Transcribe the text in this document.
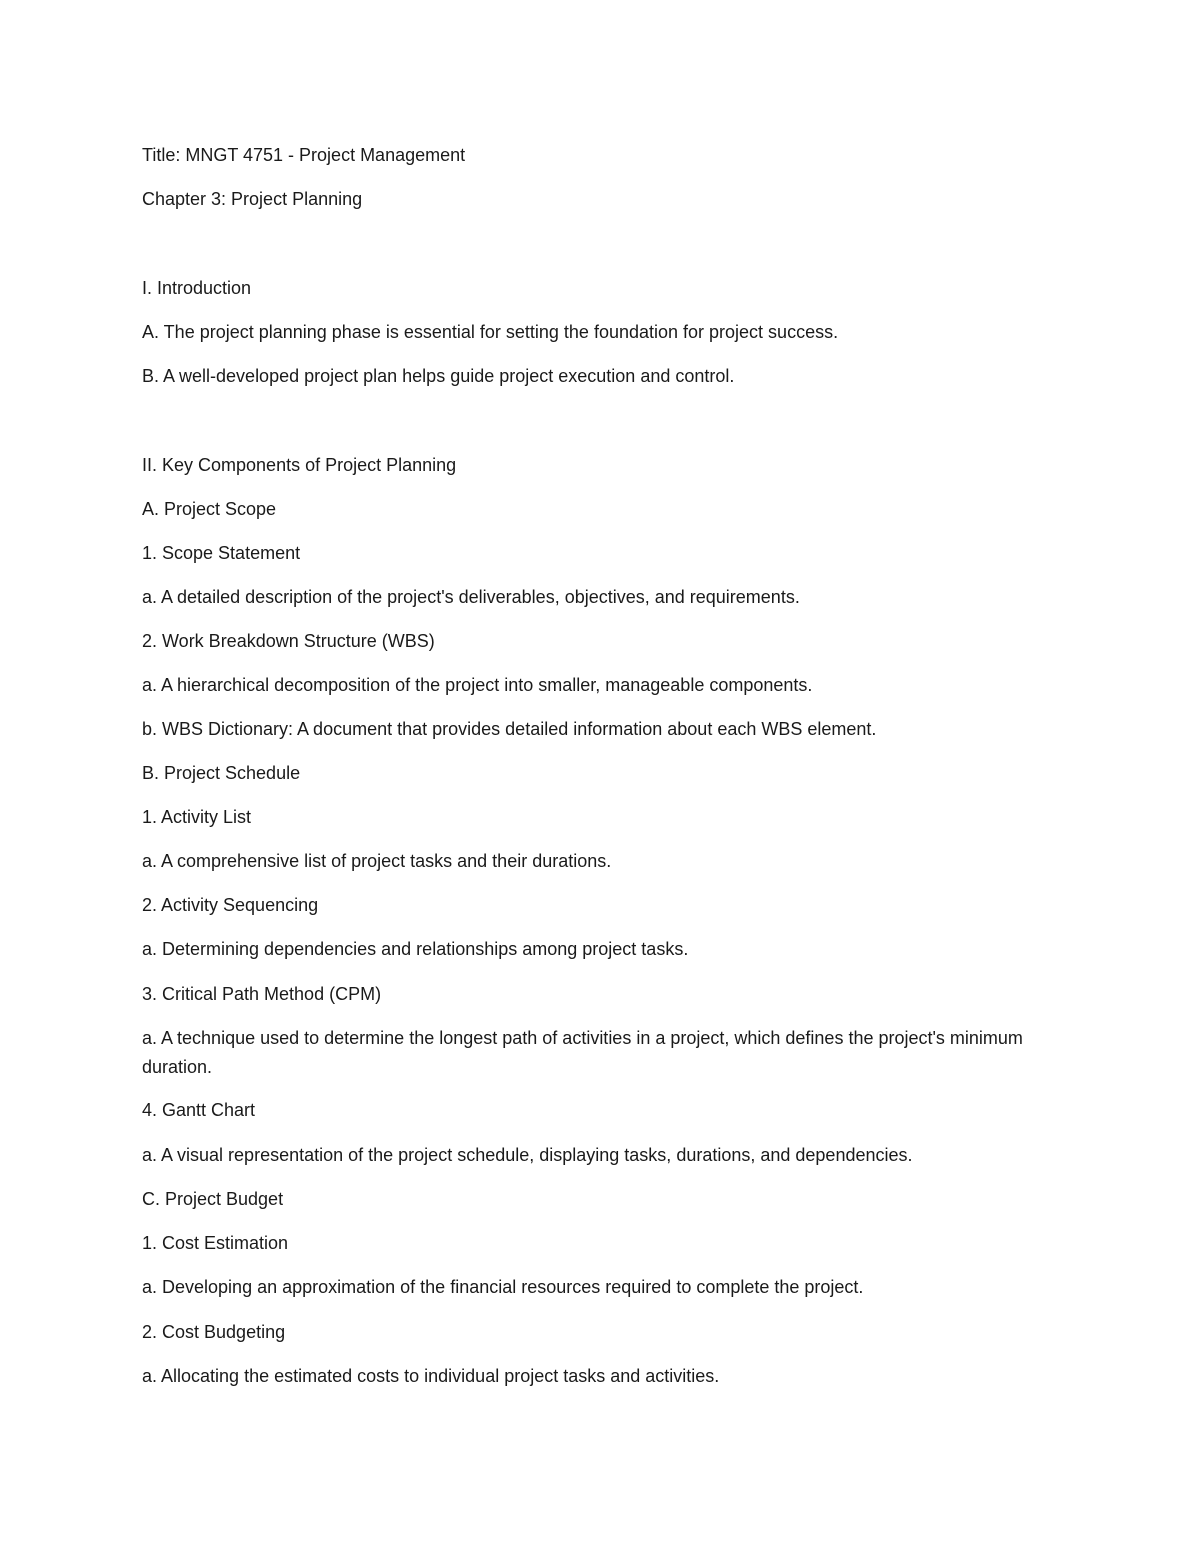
Title: MNGT 4751 - Project Management

Chapter 3: Project Planning

I. Introduction

A. The project planning phase is essential for setting the foundation for project success.

B. A well-developed project plan helps guide project execution and control.

II. Key Components of Project Planning

A. Project Scope

1. Scope Statement

a. A detailed description of the project's deliverables, objectives, and requirements.

2. Work Breakdown Structure (WBS)

a. A hierarchical decomposition of the project into smaller, manageable components.

b. WBS Dictionary: A document that provides detailed information about each WBS element.

B. Project Schedule

1. Activity List

a. A comprehensive list of project tasks and their durations.

2. Activity Sequencing

a. Determining dependencies and relationships among project tasks.

3. Critical Path Method (CPM)

a. A technique used to determine the longest path of activities in a project, which defines the project's minimum duration.

4. Gantt Chart

a. A visual representation of the project schedule, displaying tasks, durations, and dependencies.

C. Project Budget

1. Cost Estimation

a. Developing an approximation of the financial resources required to complete the project.

2. Cost Budgeting

a. Allocating the estimated costs to individual project tasks and activities.
